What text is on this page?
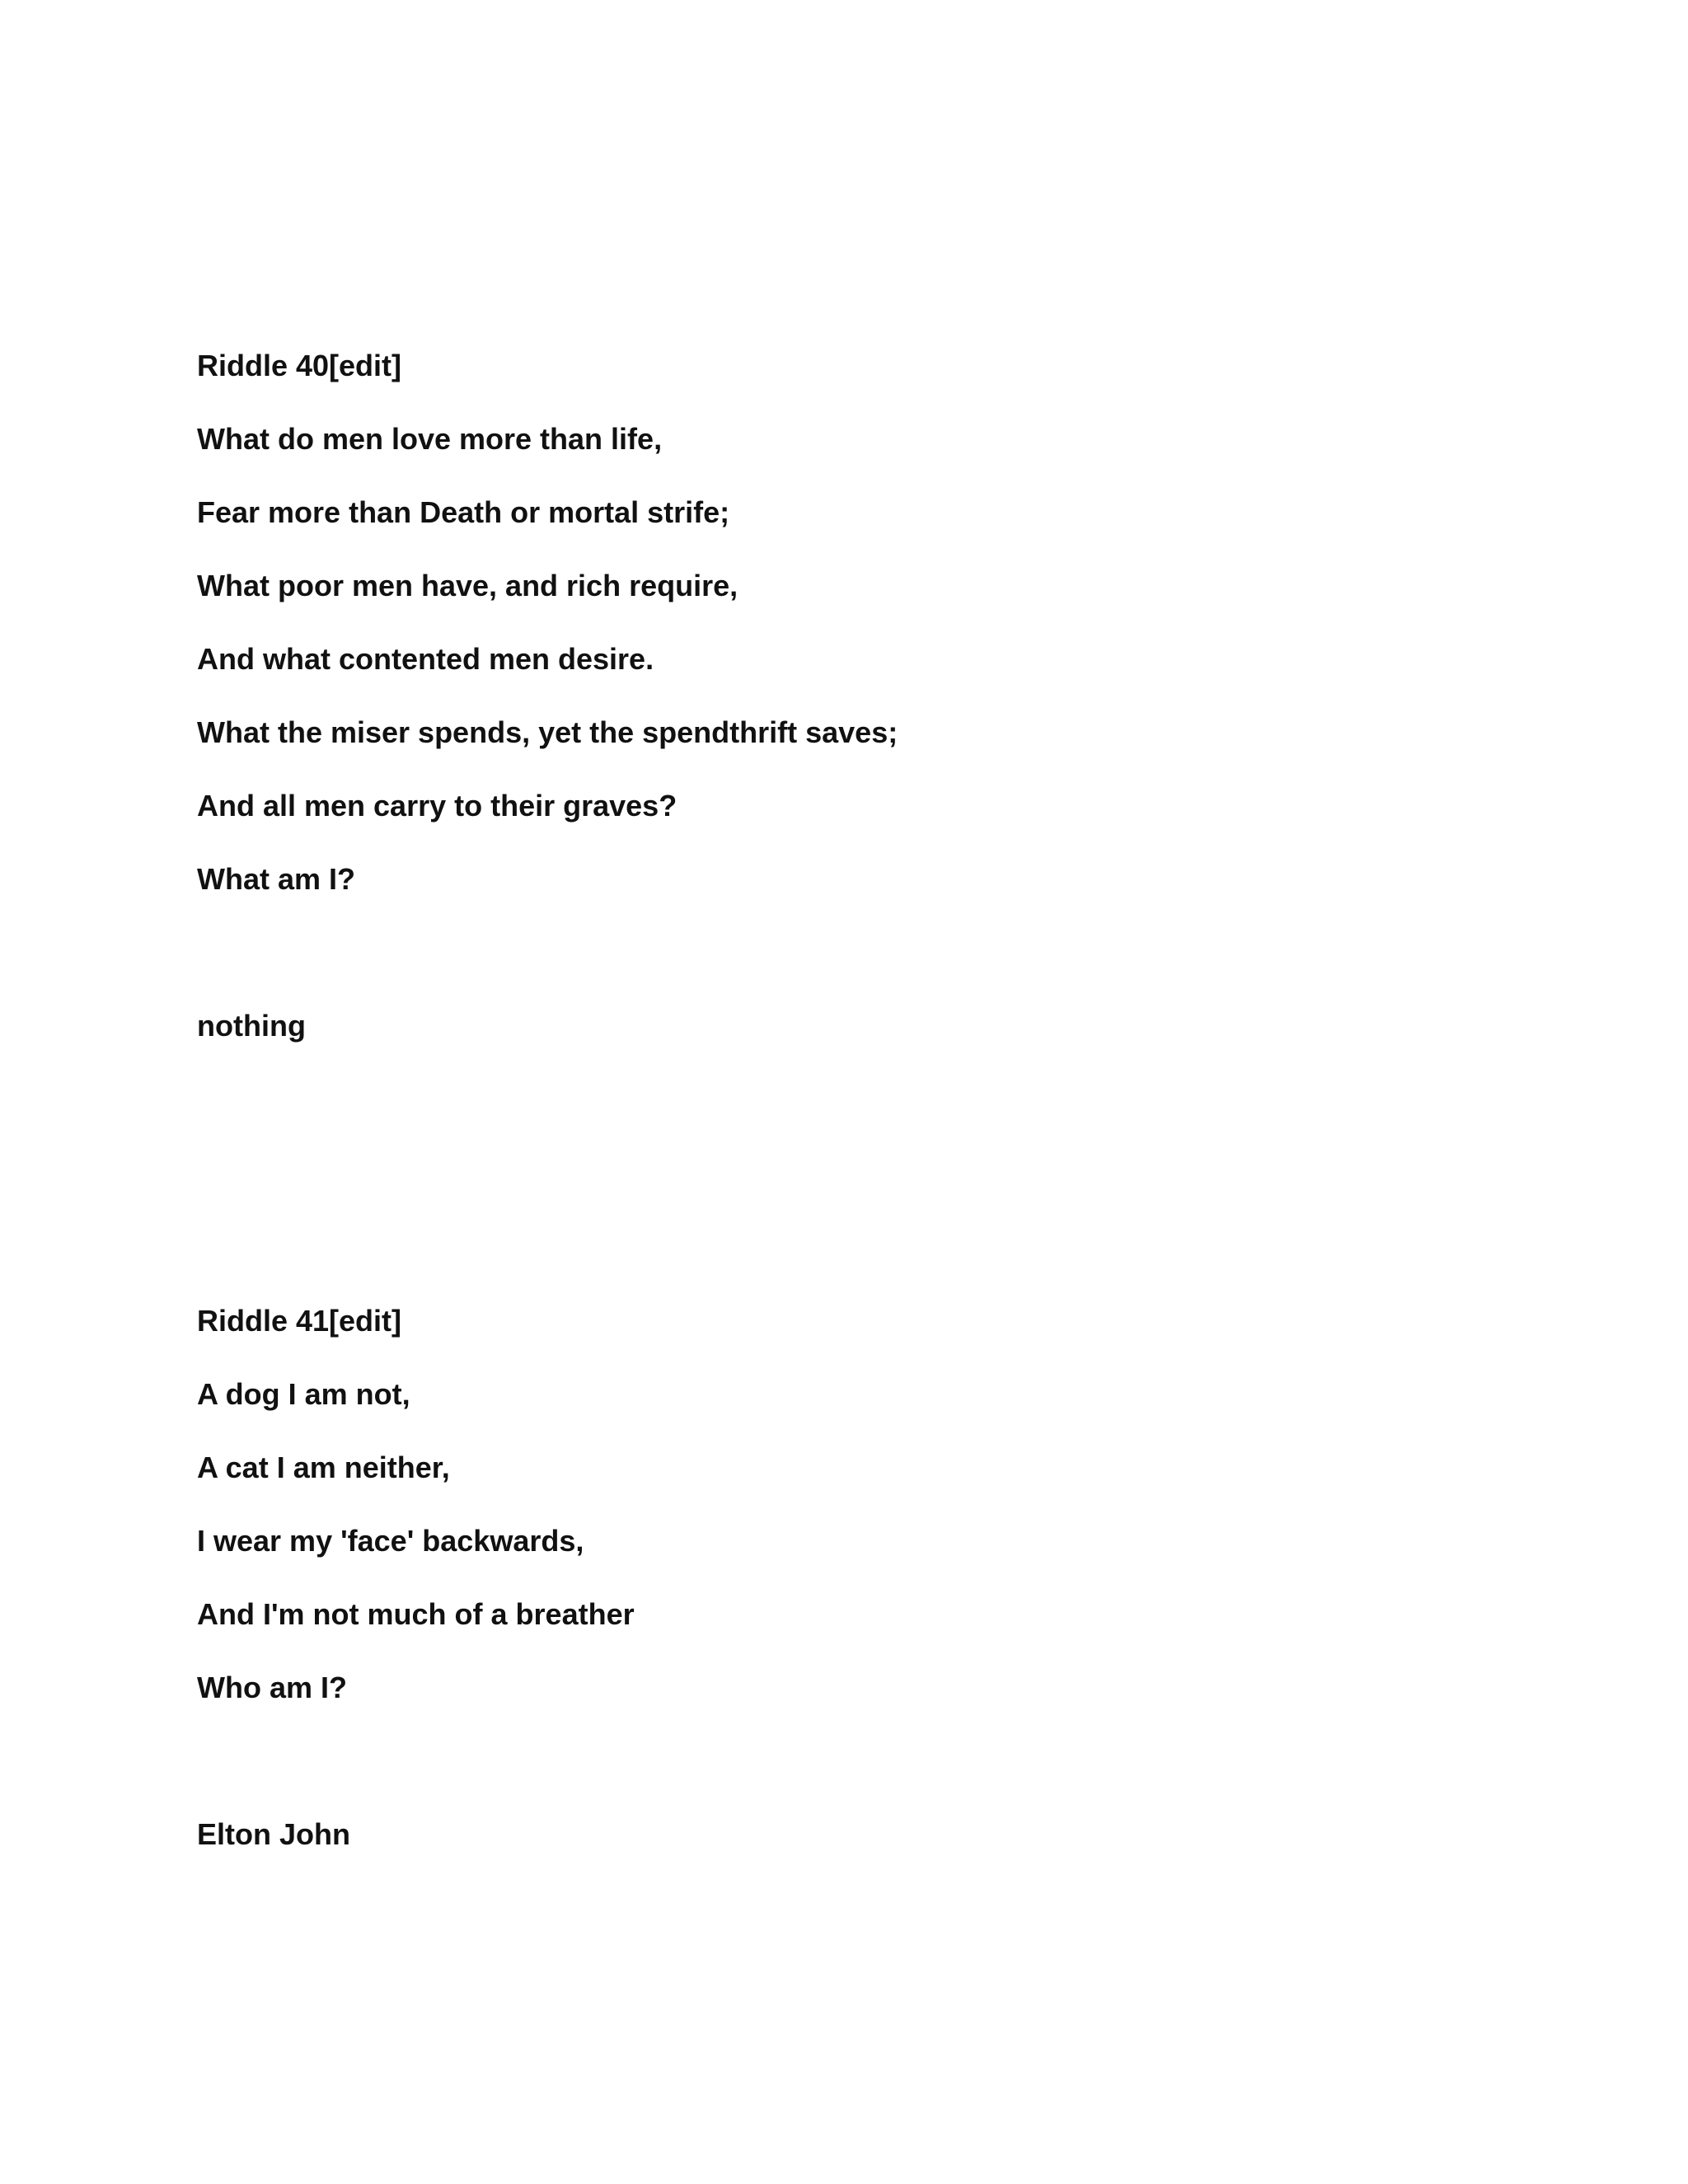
Riddle 40[edit]

What do men love more than life,

Fear more than Death or mortal strife;

What poor men have, and rich require,

And what contented men desire.

What the miser spends, yet the spendthrift saves;

And all men carry to their graves?

What am I?

nothing

Riddle 41[edit]

A dog I am not,

A cat I am neither,

I wear my 'face' backwards,

And I'm not much of a breather

Who am I?

Elton John
